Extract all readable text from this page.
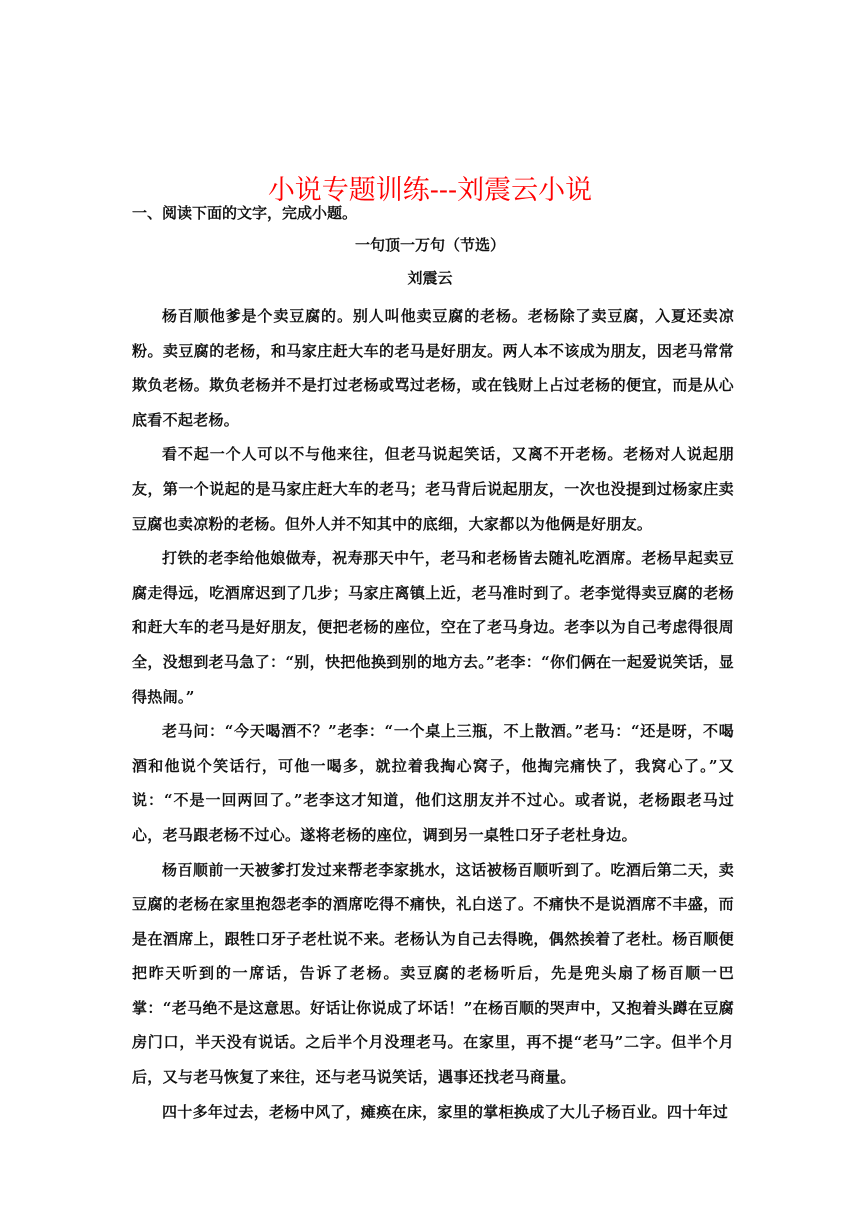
小说专题训练---刘震云小说
一、阅读下面的文字，完成小题。
一句顶一万句（节选）
刘震云

杨百顺他爹是个卖豆腐的。别人叫他卖豆腐的老杨。老杨除了卖豆腐，入夏还卖凉粉。卖豆腐的老杨，和马家庄赶大车的老马是好朋友。两人本不该成为朋友，因老马常常欺负老杨。欺负老杨并不是打过老杨或骂过老杨，或在钱财上占过老杨的便宜，而是从心底看不起老杨。

看不起一个人可以不与他来往，但老马说起笑话，又离不开老杨。老杨对人说起朋友，第一个说起的是马家庄赶大车的老马；老马背后说起朋友，一次也没提到过杨家庄卖豆腐也卖凉粉的老杨。但外人并不知其中的底细，大家都以为他俩是好朋友。

打铁的老李给他娘做寿，祝寿那天中午，老马和老杨皆去随礼吃酒席。老杨早起卖豆腐走得远，吃酒席迟到了几步；马家庄离镇上近，老马准时到了。老李觉得卖豆腐的老杨和赶大车的老马是好朋友，便把老杨的座位，空在了老马身边。老李以为自己考虑得很周全，没想到老马急了：“别，快把他换到别的地方去。”老李：“你们俩在一起爱说笑话，显得热闹。”

老马问：“今天喝酒不？”老李：“一个桌上三瓶，不上散酒。”老马：“还是呀，不喝酒和他说个笑话行，可他一喝多，就拉着我掏心窝子，他掏完痛快了，我窝心了。”又说：“不是一回两回了。”老李这才知道，他们这朋友并不过心。或者说，老杨跟老马过心，老马跟老杨不过心。遂将老杨的座位，调到另一桌牲口牙子老杜身边。

杨百顺前一天被爹打发过来帮老李家挑水，这话被杨百顺听到了。吃酒后第二天，卖豆腐的老杨在家里抱怨老李的酒席吃得不痛快，礼白送了。不痛快不是说酒席不丰盛，而是在酒席上，跟牲口牙子老杜说不来。老杨认为自己去得晚，偶然挨着了老杜。杨百顺便把昨天听到的一席话，告诉了老杨。卖豆腐的老杨听后，先是兜头扇了杨百顺一巴掌：“老马绝不是这意思。好话让你说成了坏话！”在杨百顺的哭声中，又抱着头蹲在豆腐房门口，半天没有说话。之后半个月没理老马。在家里，再不提“老马”二字。但半个月后，又与老马恢复了来往，还与老马说笑话，遇事还找老马商量。

四十多年过去，老杨中风了，瘫痪在床，家里的掌柜换成了大儿子杨百业。四十年过
